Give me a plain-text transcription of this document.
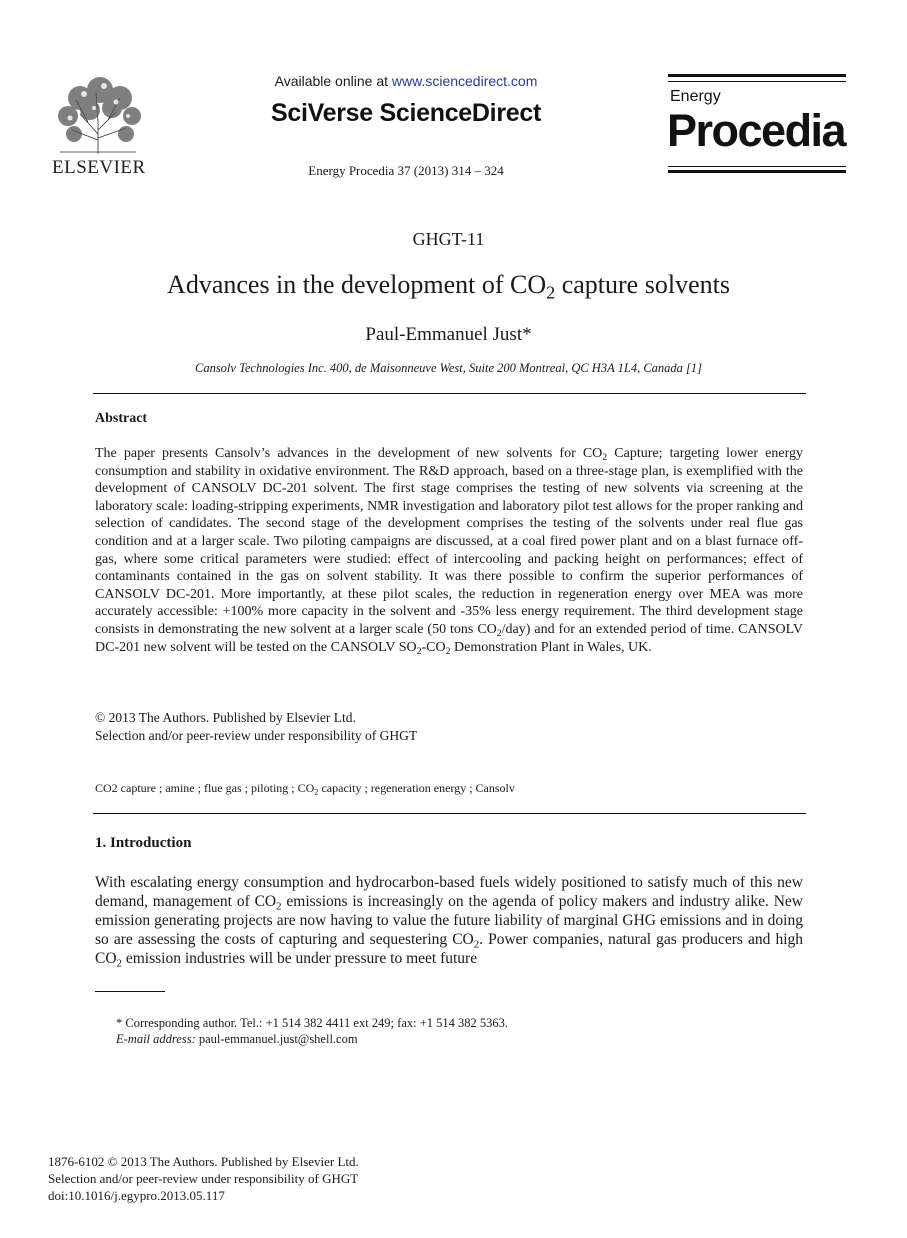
ELSEVIER
Available online at www.sciencedirect.com
SciVerse ScienceDirect
Energy Procedia 37 (2013) 314 – 324
Energy
Procedia
GHGT-11
Advances in the development of $CO_2$ capture solvents
Paul-Emmanuel Just*
Cansolv Technologies Inc. 400, de Maisonneuve West, Suite 200 Montreal, QC H3A 1L4, Canada [1]
Abstract
The paper presents Cansolv’s advances in the development of new solvents for $CO_2$ Capture; targeting lower energy consumption and stability in oxidative environment. The R&D approach, based on a three-stage plan, is exemplified with the development of CANSOLV DC-201 solvent. The first stage comprises the testing of new solvents via screening at the laboratory scale: loading-stripping experiments, NMR investigation and laboratory pilot test allows for the proper ranking and selection of candidates. The second stage of the development comprises the testing of the solvents under real flue gas condition and at a larger scale. Two piloting campaigns are discussed, at a coal fired power plant and on a blast furnace off-gas, where some critical parameters were studied: effect of intercooling and packing height on performances; effect of contaminants contained in the gas on solvent stability. It was there possible to confirm the superior performances of CANSOLV DC-201. More importantly, at these pilot scales, the reduction in regeneration energy over MEA was more accurately accessible: +100% more capacity in the solvent and -35% less energy requirement. The third development stage consists in demonstrating the new solvent at a larger scale (50 tons $CO_2/day$) and for an extended period of time. CANSOLV DC-201 new solvent will be tested on the CANSOLV $SO_2-CO_2$ Demonstration Plant in Wales, UK.
© 2013 The Authors. Published by Elsevier Ltd.
Selection and/or peer-review under responsibility of GHGT
CO2 capture ; amine ; flue gas ; piloting ; $CO_2$ capacity ; regeneration energy ; Cansolv
1. Introduction
With escalating energy consumption and hydrocarbon-based fuels widely positioned to satisfy much of this new demand, management of $CO_2$ emissions is increasingly on the agenda of policy makers and industry alike. New emission generating projects are now having to value the future liability of marginal GHG emissions and in doing so are assessing the costs of capturing and sequestering $CO_2$. Power companies, natural gas producers and high $CO_2$ emission industries will be under pressure to meet future
* Corresponding author. Tel.: +1 514 382 4411 ext 249; fax: +1 514 382 5363.
E-mail address: paul-emmanuel.just@shell.com
1876-6102 © 2013 The Authors. Published by Elsevier Ltd.
Selection and/or peer-review under responsibility of GHGT
doi:10.1016/j.egypro.2013.05.117
